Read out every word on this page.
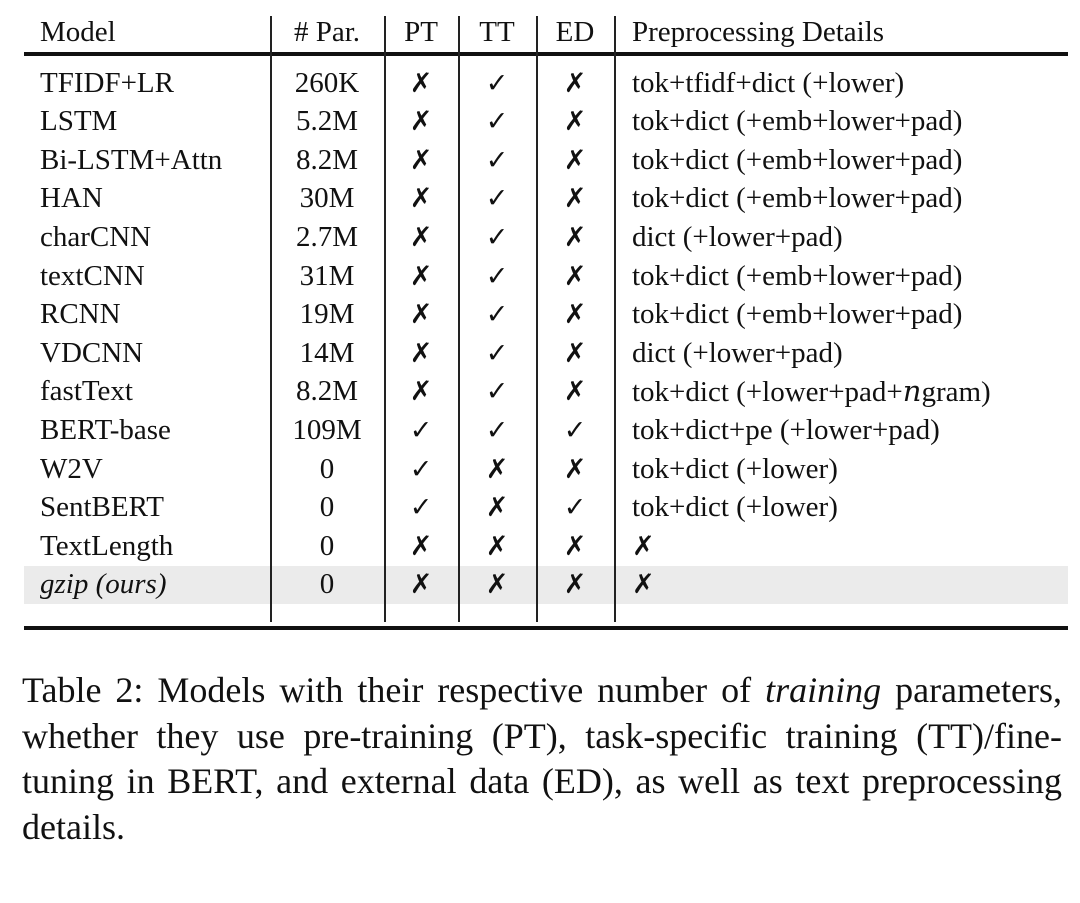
Model	# Par.	PT	TT	ED	Preprocessing Details
TFIDF+LR	260K	✗	✓	✗	tok+tfidf+dict (+lower)
LSTM	5.2M	✗	✓	✗	tok+dict (+emb+lower+pad)
Bi-LSTM+Attn	8.2M	✗	✓	✗	tok+dict (+emb+lower+pad)
HAN	30M	✗	✓	✗	tok+dict (+emb+lower+pad)
charCNN	2.7M	✗	✓	✗	dict (+lower+pad)
textCNN	31M	✗	✓	✗	tok+dict (+emb+lower+pad)
RCNN	19M	✗	✓	✗	tok+dict (+emb+lower+pad)
VDCNN	14M	✗	✓	✗	dict (+lower+pad)
fastText	8.2M	✗	✓	✗	tok+dict (+lower+pad+𝑛gram)
BERT-base	109M	✓	✓	✓	tok+dict+pe (+lower+pad)
W2V	0	✓	✗	✗	tok+dict (+lower)
SentBERT	0	✓	✗	✓	tok+dict (+lower)
TextLength	0	✗	✗	✗	✗
gzip (ours)	0	✗	✗	✗	✗
Table 2: Models with their respective number of training parameters, whether they use pre-training (PT), task-specific training (TT)/fine-tuning in BERT, and external data (ED), as well as text preprocessing details.
